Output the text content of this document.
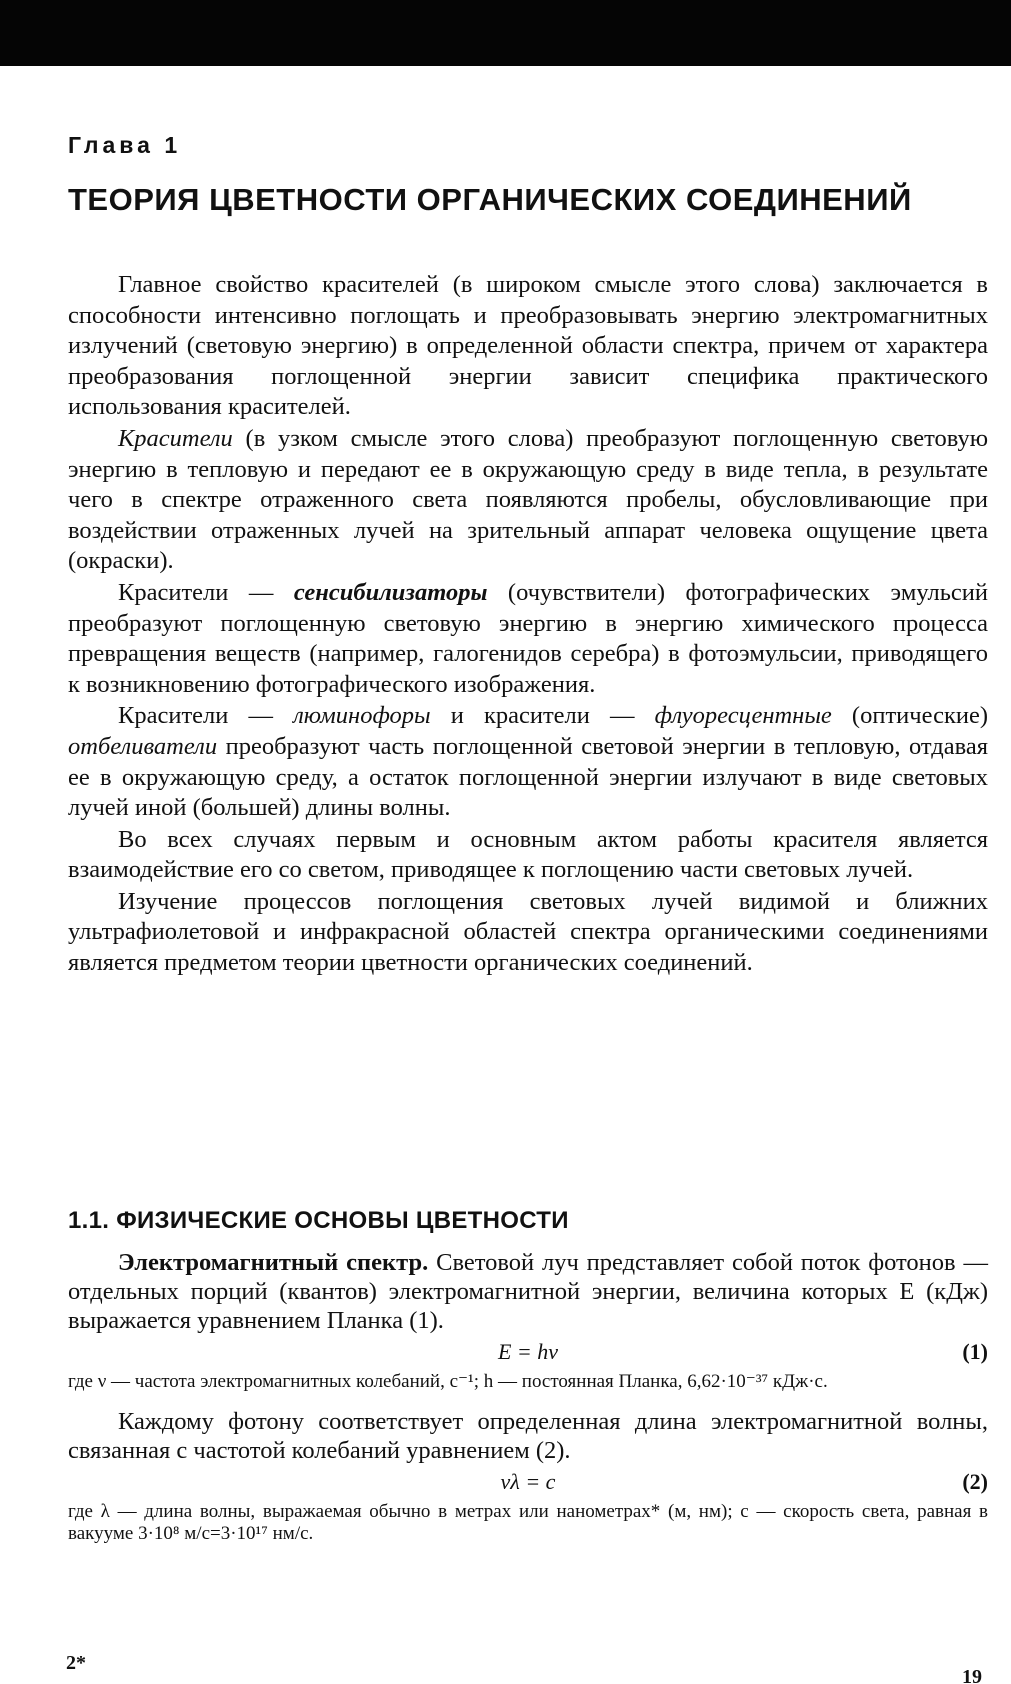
Глава 1
ТЕОРИЯ ЦВЕТНОСТИ ОРГАНИЧЕСКИХ СОЕДИНЕНИЙ

Главное свойство красителей (в широком смысле этого слова) заключается в способности интенсивно поглощать и преобразовывать энергию электромагнитных излучений (световую энергию) в определенной области спектра, причем от характера преобразования поглощенной энергии зависит специфика практического использования красителей.

Красители (в узком смысле этого слова) преобразуют поглощенную световую энергию в тепловую и передают ее в окружающую среду в виде тепла, в результате чего в спектре отраженного света появляются пробелы, обусловливающие при воздействии отраженных лучей на зрительный аппарат человека ощущение цвета (окраски).

Красители — сенсибилизаторы (очувствители) фотографических эмульсий преобразуют поглощенную световую энергию в энергию химического процесса превращения веществ (например, галогенидов серебра) в фотоэмульсии, приводящего к возникновению фотографического изображения.

Красители — люминофоры и красители — флуоресцентные (оптические) отбеливатели преобразуют часть поглощенной световой энергии в тепловую, отдавая ее в окружающую среду, а остаток поглощенной энергии излучают в виде световых лучей иной (большей) длины волны.

Во всех случаях первым и основным актом работы красителя является взаимодействие его со светом, приводящее к поглощению части световых лучей.

Изучение процессов поглощения световых лучей видимой и ближних ультрафиолетовой и инфракрасной областей спектра органическими соединениями является предметом теории цветности органических соединений.

1.1. ФИЗИЧЕСКИЕ ОСНОВЫ ЦВЕТНОСТИ

Электромагнитный спектр. Световой луч представляет собой поток фотонов — отдельных порций (квантов) электромагнитной энергии, величина которых E (кДж) выражается уравнением Планка (1).

E = hν	(1)
где ν — частота электромагнитных колебаний, с⁻¹; h — постоянная Планка, 6,62·10⁻³⁷ кДж·с.

Каждому фотону соответствует определенная длина электромагнитной волны, связанная с частотой колебаний уравнением (2).

νλ = c	(2)
где λ — длина волны, выражаемая обычно в метрах или нанометрах* (м, нм); c — скорость света, равная в вакууме 3·10⁸ м/с=3·10¹⁷ нм/с.
2*
19
